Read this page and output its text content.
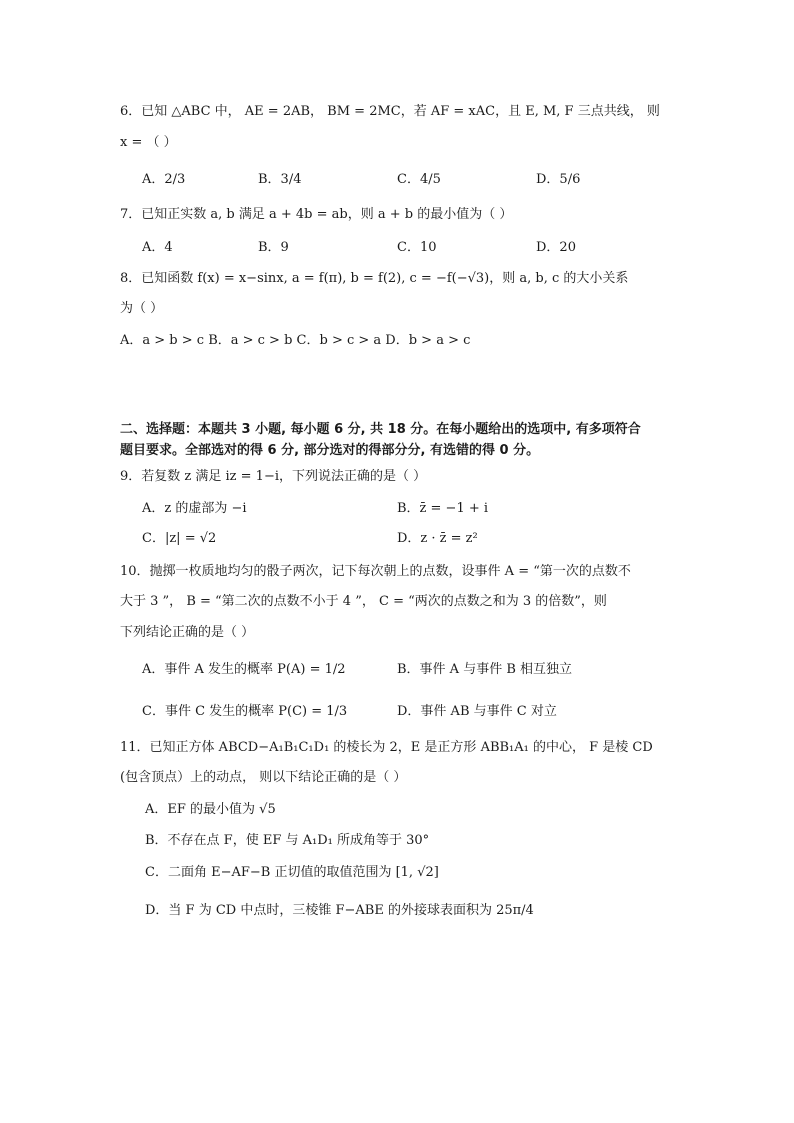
6．已知 △ABC 中， AE = 2AB， BM = 2MC，若 AF = xAC，且 E, M, F 三点共线， 则
x = （ ）
A．2/3	B．3/4	C．4/5	D．5/6
7．已知正实数 a, b 满足 a + 4b = ab，则 a + b 的最小值为（ ）
A．4	B．9	C．10	D．20
8．已知函数 f(x) = x−sinx, a = f(π), b = f(2), c = −f(−√3)，则 a, b, c 的大小关系
为（ ）
A．a > b > c B．a > c > b C．b > c > a D．b > a > c
二、选择题：本题共 3 小题, 每小题 6 分, 共 18 分。在每小题给出的选项中, 有多项符合
题目要求。全部选对的得 6 分, 部分选对的得部分分, 有选错的得 0 分。
9．若复数 z 满足 iz = 1−i，下列说法正确的是（ ）
A．z 的虚部为 −i	B．z̄ = −1 + i
C．|z| = √2	D．z · z̄ = z²
10．抛掷一枚质地均匀的骰子两次，记下每次朝上的点数，设事件 A = “第一次的点数不
大于 3 ”， B = “第二次的点数不小于 4 ”， C = “两次的点数之和为 3 的倍数”，则
下列结论正确的是（ ）
A．事件 A 发生的概率 P(A) = 1/2	B．事件 A 与事件 B 相互独立
C．事件 C 发生的概率 P(C) = 1/3	D．事件 AB 与事件 C 对立
11．已知正方体 ABCD−A₁B₁C₁D₁ 的棱长为 2，E 是正方形 ABB₁A₁ 的中心， F 是棱 CD
(包含顶点）上的动点， 则以下结论正确的是（ ）
A．EF 的最小值为 √5
B．不存在点 F，使 EF 与 A₁D₁ 所成角等于 30°
C．二面角 E−AF−B 正切值的取值范围为 [1, √2]
D．当 F 为 CD 中点时，三棱锥 F−ABE 的外接球表面积为 25π/4
